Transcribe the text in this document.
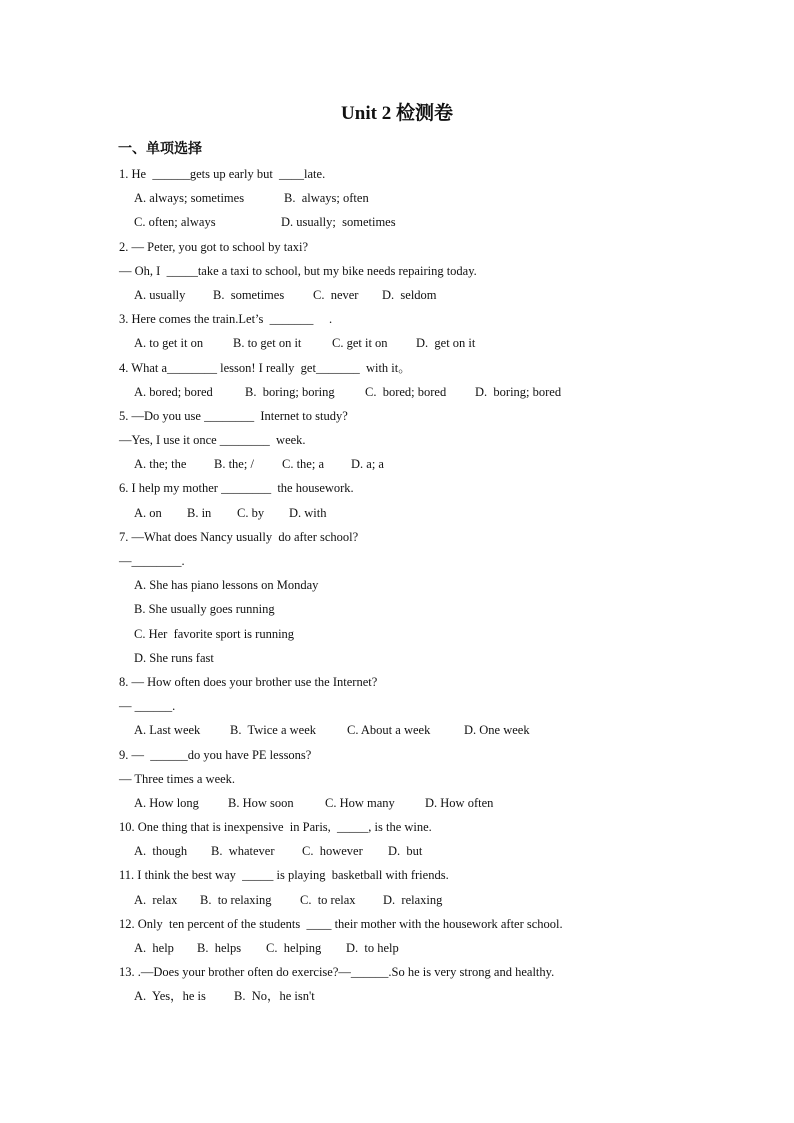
Unit 2 检测卷
一、单项选择
1. He  ______gets up early but  ____late.
A. always; sometimes	B.  always; often
C. often; always	D. usually;  sometimes
2. — Peter, you got to school by taxi?
— Oh, I  _____take a taxi to school, but my bike needs repairing today.
A. usually B.  sometimes C.  never D.  seldom
3. Here comes the train.Let’s  _______     .
A. to get it on B. to get on it C. get it on D.  get on it
4. What a________ lesson! I really  get_______  with it。
A. bored; bored	B.  boring; boring C.  bored; bored D.  boring; bored
5. —Do you use ________  Internet to study?
—Yes, I use it once ________  week.
A. the; the B. the; / C. the; a D. a; a
6. I help my mother ________  the housework.
A. on B. in C. by D. with
7. —What does Nancy usually  do after school?
—________.
A. She has piano lessons on Monday
B. She usually goes running
C. Her  favorite sport is running
D. She runs fast
8. — How often does your brother use the Internet?
— ______.
A. Last week B.  Twice a week C. About a week	D. One week
9. —  ______do you have PE lessons?
— Three times a week.
A. How long B. How soon	C. How many D. How often
10. One thing that is inexpensive  in Paris,  _____, is the wine.
A.  though B.  whatever C.  however D.  but
11. I think the best way  _____ is playing  basketball with friends.
A.  relax B.  to relaxing C.  to relax D.  relaxing
12. Only  ten percent of the students  ____ their mother with the housework after school.
A.  help B.  helps C.  helping D.  to help
13. .—Does your brother often do exercise?—______.So he is very strong and healthy.
A.  Yes，he is B.  No，he isn't
